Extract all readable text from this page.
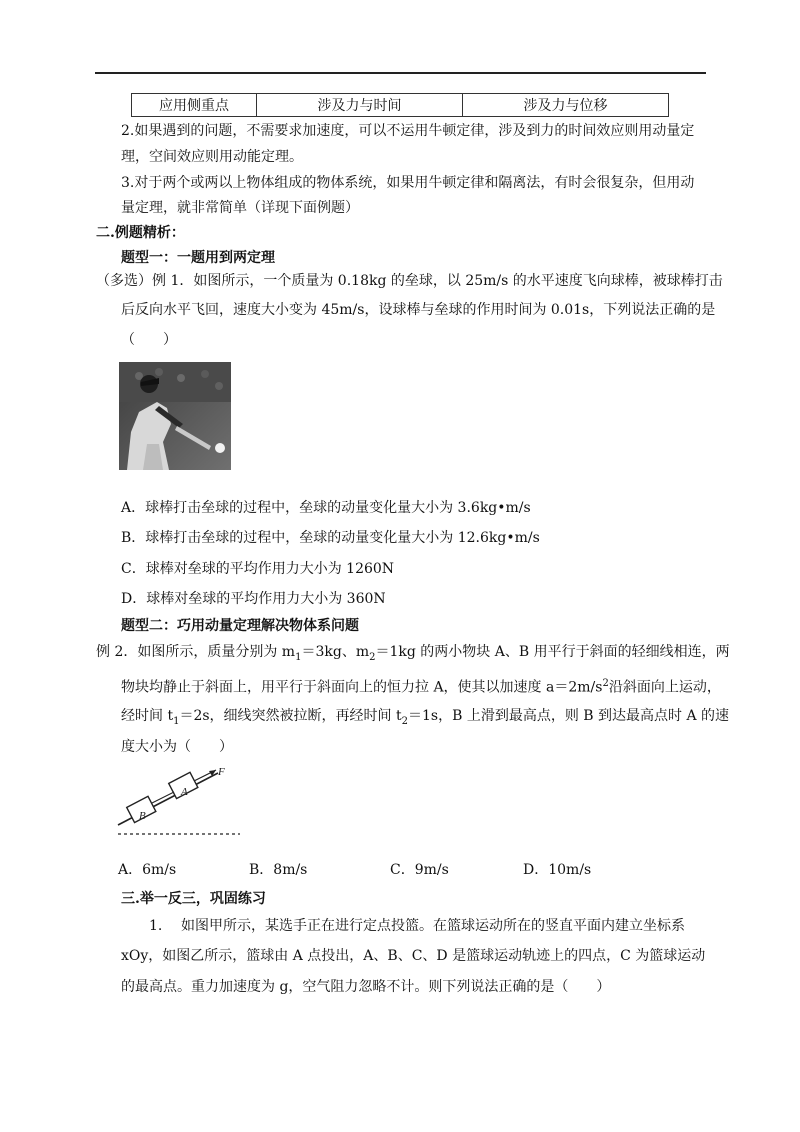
应用侧重点	涉及力与时间	涉及力与位移
2.如果遇到的问题，不需要求加速度，可以不运用牛顿定律，涉及到力的时间效应则用动量定
理，空间效应则用动能定理。
3.对于两个或两以上物体组成的物体系统，如果用牛顿定律和隔离法，有时会很复杂，但用动
量定理，就非常简单（详现下面例题）
二.例题精析：
题型一：一题用到两定理
（多选）例 1．如图所示，一个质量为 0.18kg 的垒球，以 25m/s 的水平速度飞向球棒，被球棒打击
后反向水平飞回，速度大小变为 45m/s，设球棒与垒球的作用时间为 0.01s，下列说法正确的是
（　　）
A．球棒打击垒球的过程中，垒球的动量变化量大小为 3.6kg•m/s
B．球棒打击垒球的过程中，垒球的动量变化量大小为 12.6kg•m/s
C．球棒对垒球的平均作用力大小为 1260N
D．球棒对垒球的平均作用力大小为 360N
题型二：巧用动量定理解决物体系问题
例 2．如图所示，质量分别为 $m_1=3kg$、$m_2=1kg$ 的两小物块 A、B 用平行于斜面的轻细线相连，两
物块均静止于斜面上，用平行于斜面向上的恒力拉 A，使其以加速度 $a=2m/s^2$沿斜面向上运动，
经时间 $t_1=2s$，细线突然被拉断，再经时间 $t_2=1s$，B 上滑到最高点，则 B 到达最高点时 A 的速
度大小为（　　）
B
A
F
A．6m/s	B．8m/s	C．9m/s	D．10m/s
三.举一反三，巩固练习
1. 如图甲所示，某选手正在进行定点投篮。在篮球运动所在的竖直平面内建立坐标系
xOy，如图乙所示，篮球由 A 点投出，A、B、C、D 是篮球运动轨迹上的四点，C 为篮球运动
的最高点。重力加速度为 g，空气阻力忽略不计。则下列说法正确的是（　　）
